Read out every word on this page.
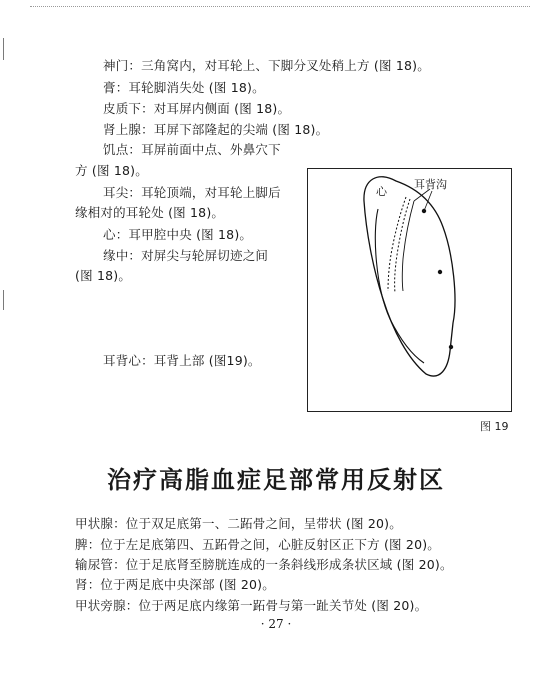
神门：三角窝内，对耳轮上、下脚分叉处稍上方 (图 18)。
膏：耳轮脚消失处 (图 18)。
皮质下：对耳屏内侧面 (图 18)。
肾上腺：耳屏下部隆起的尖端 (图 18)。
饥点：耳屏前面中点、外鼻穴下
方 (图 18)。
耳尖：耳轮顶端，对耳轮上脚后
缘相对的耳轮处 (图 18)。
心：耳甲腔中央 (图 18)。
缘中：对屏尖与轮屏切迹之间
(图 18)。
耳背心：耳背上部 (图19)。
心
耳背沟
图 19
治疗高脂血症足部常用反射区
甲状腺：位于双足底第一、二跖骨之间，呈带状 (图 20)。
脾：位于左足底第四、五跖骨之间，心脏反射区正下方 (图 20)。
输尿管：位于足底肾至膀胱连成的一条斜线形成条状区域 (图 20)。
肾：位于两足底中央深部 (图 20)。
甲状旁腺：位于两足底内缘第一跖骨与第一趾关节处 (图 20)。
· 27 ·
